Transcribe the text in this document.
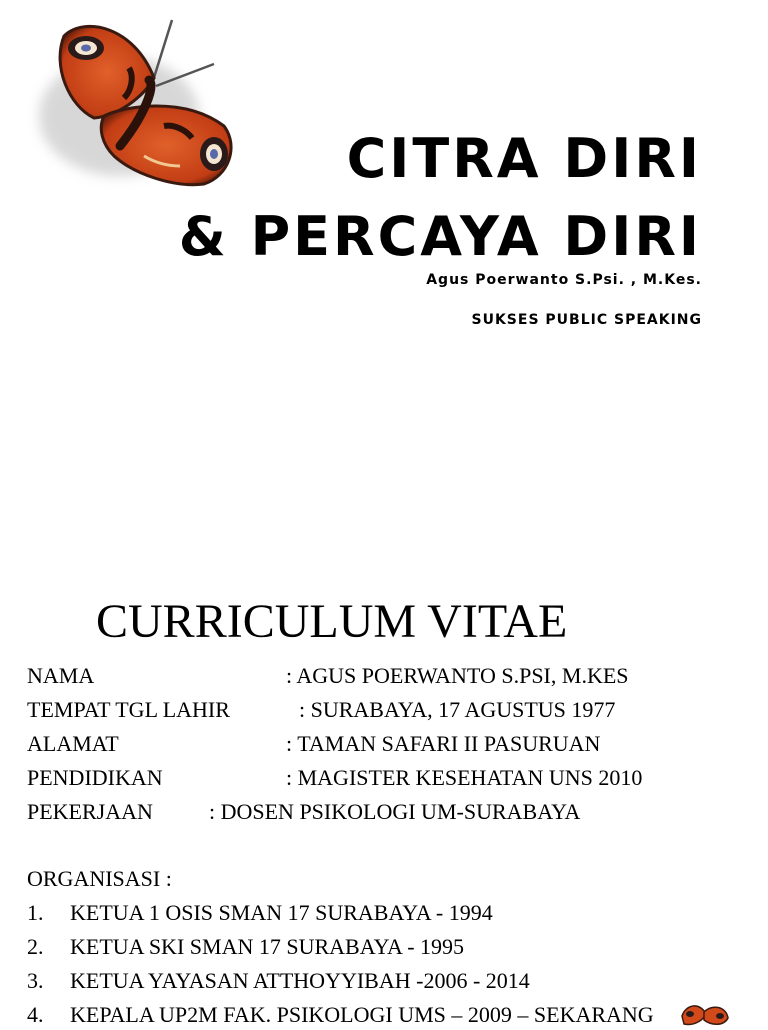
CITRA DIRI
& PERCAYA DIRI
Agus Poerwanto S.Psi. , M.Kes.
SUKSES PUBLIC SPEAKING
CURRICULUM VITAE
NAMA	: AGUS POERWANTO S.PSI, M.KES
TEMPAT TGL LAHIR	: SURABAYA, 17 AGUSTUS 1977
ALAMAT	: TAMAN SAFARI II PASURUAN
PENDIDIKAN	: MAGISTER KESEHATAN UNS 2010
PEKERJAAN	: DOSEN PSIKOLOGI UM-SURABAYA
ORGANISASI :
1. KETUA 1 OSIS SMAN 17 SURABAYA - 1994
2. KETUA SKI SMAN 17 SURABAYA - 1995
3. KETUA YAYASAN ATTHOYYIBAH -2006 - 2014
4. KEPALA UP2M FAK. PSIKOLOGI UMS – 2009 – SEKARANG
